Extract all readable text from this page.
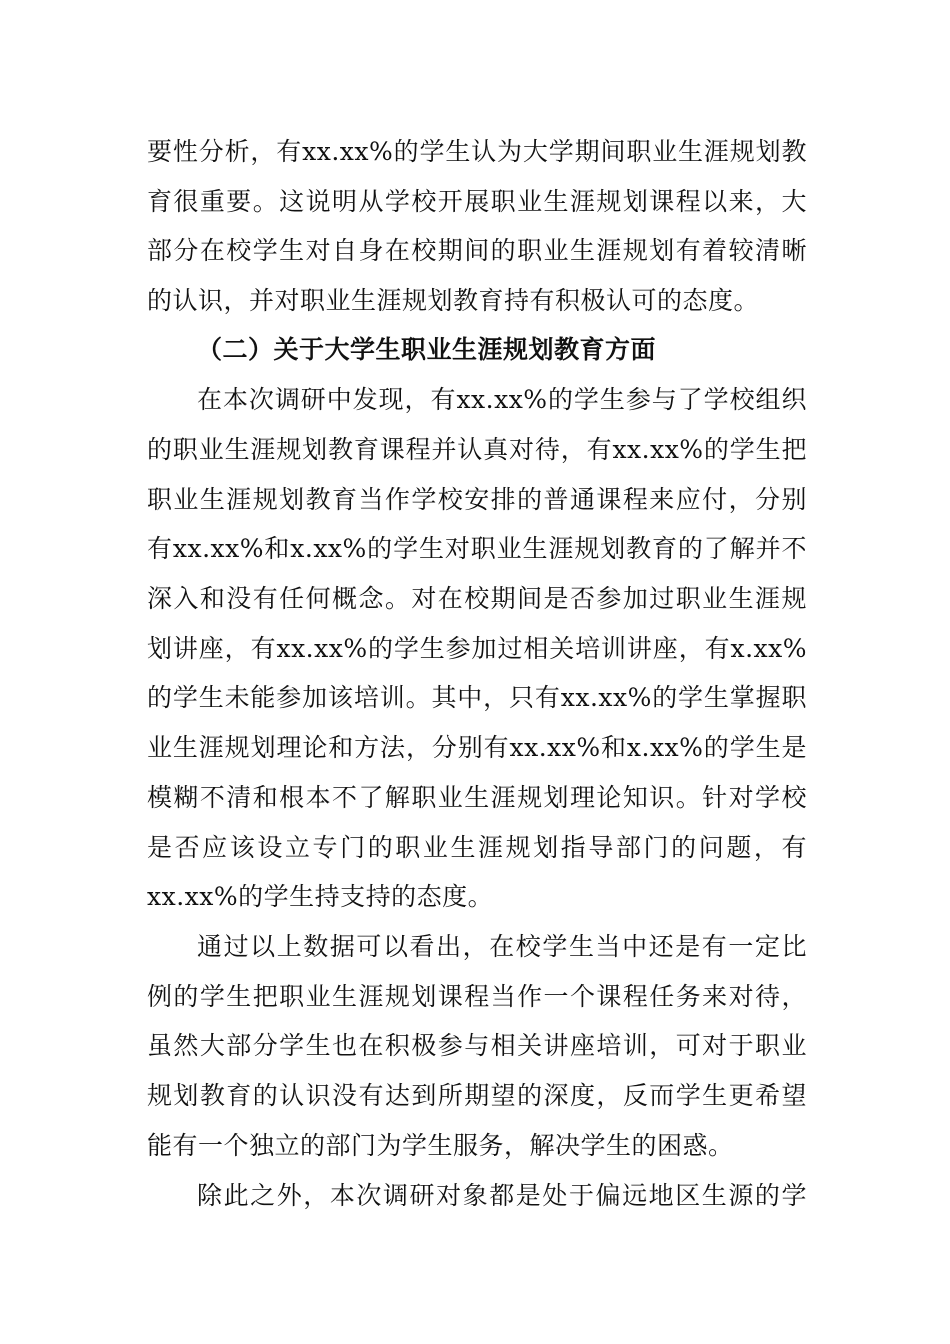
要性分析，有xx.xx%的学生认为大学期间职业生涯规划教
育很重要。这说明从学校开展职业生涯规划课程以来，大
部分在校学生对自身在校期间的职业生涯规划有着较清晰
的认识，并对职业生涯规划教育持有积极认可的态度。
（二）关于大学生职业生涯规划教育方面
在本次调研中发现，有xx.xx%的学生参与了学校组织
的职业生涯规划教育课程并认真对待，有xx.xx%的学生把
职业生涯规划教育当作学校安排的普通课程来应付，分别
有xx.xx%和x.xx%的学生对职业生涯规划教育的了解并不
深入和没有任何概念。对在校期间是否参加过职业生涯规
划讲座，有xx.xx%的学生参加过相关培训讲座，有x.xx%
的学生未能参加该培训。其中，只有xx.xx%的学生掌握职
业生涯规划理论和方法，分别有xx.xx%和x.xx%的学生是
模糊不清和根本不了解职业生涯规划理论知识。针对学校
是否应该设立专门的职业生涯规划指导部门的问题，有
xx.xx%的学生持支持的态度。
通过以上数据可以看出，在校学生当中还是有一定比
例的学生把职业生涯规划课程当作一个课程任务来对待，
虽然大部分学生也在积极参与相关讲座培训，可对于职业
规划教育的认识没有达到所期望的深度，反而学生更希望
能有一个独立的部门为学生服务，解决学生的困惑。
除此之外，本次调研对象都是处于偏远地区生源的学
